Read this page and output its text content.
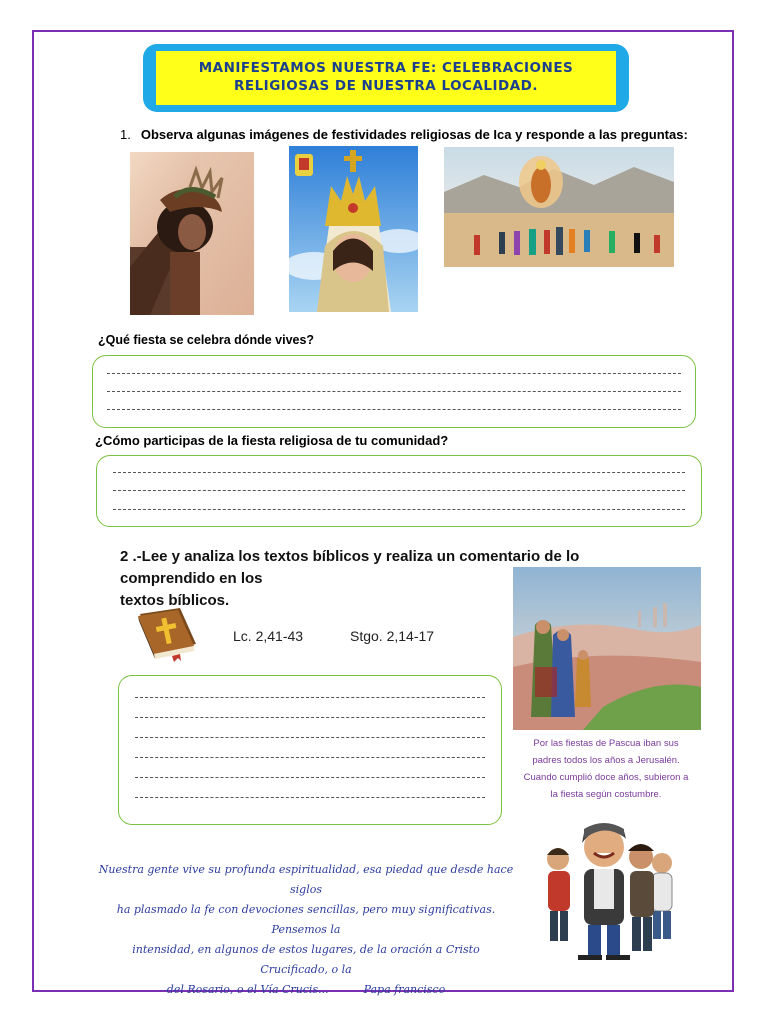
MANIFESTAMOS NUESTRA FE: CELEBRACIONES
RELIGIOSAS DE NUESTRA LOCALIDAD.
1. Observa algunas imágenes de festividades religiosas de Ica y responde a las preguntas:
¿Qué fiesta se celebra dónde vives?
¿Cómo participas de la fiesta religiosa de tu comunidad?
2 .-Lee y analiza los textos bíblicos y realiza un comentario de lo comprendido en los
textos bíblicos.
Lc. 2,41-43	Stgo. 2,14-17
Por las fiestas de Pascua iban sus
padres todos los años a Jerusalén.
Cuando cumplió doce años, subieron a
la fiesta según costumbre.
Nuestra gente vive su profunda espiritualidad, esa piedad que desde hace siglos
ha plasmado la fe con devociones sencillas, pero muy significativas. Pensemos la
intensidad, en algunos de estos lugares, de la oración a Cristo Crucificado, o la
del Rosario, o el Vía Crucis...	Papa francisco
